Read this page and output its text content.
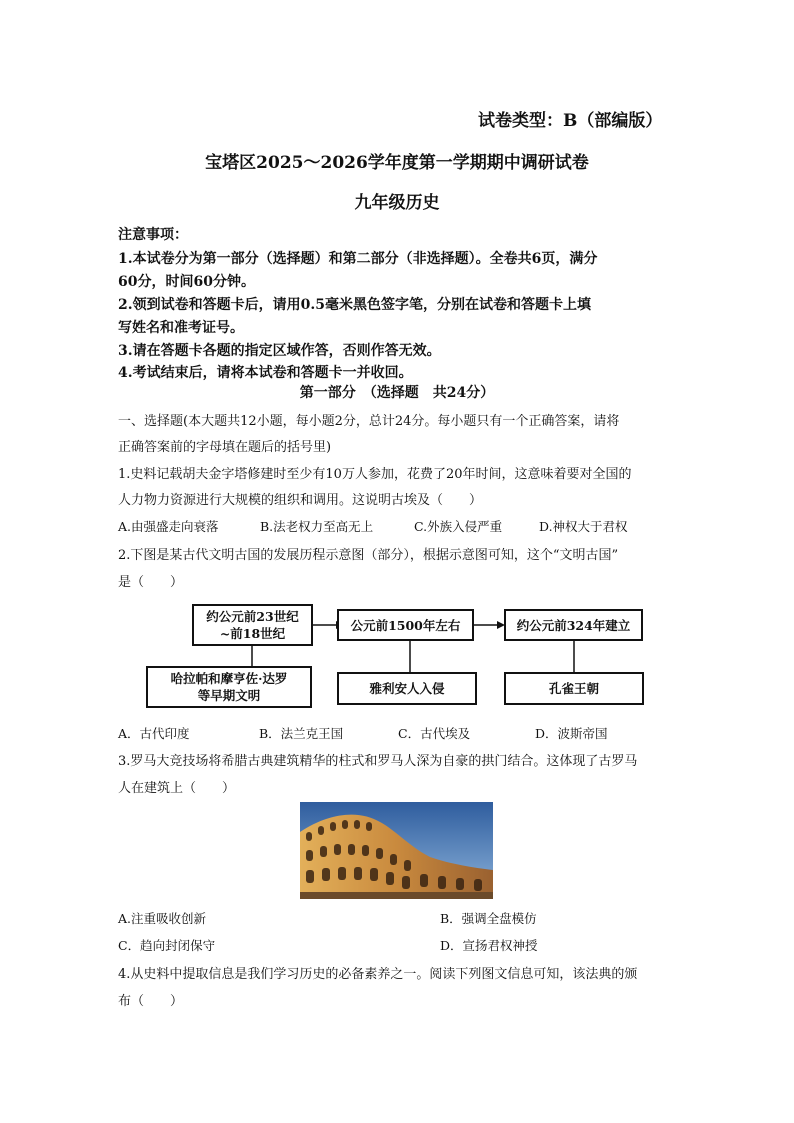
试卷类型：B（部编版）
宝塔区2025～2026学年度第一学期期中调研试卷
九年级历史
注意事项：
1.本试卷分为第一部分（选择题）和第二部分（非选择题）。全卷共6页，满分
60分，时间60分钟。
2.领到试卷和答题卡后，请用0.5毫米黑色签字笔，分别在试卷和答题卡上填
写姓名和准考证号。
3.请在答题卡各题的指定区域作答，否则作答无效。
4.考试结束后，请将本试卷和答题卡一并收回。
第一部分　（选择题　共24分）
一、选择题(本大题共12小题，每小题2分，总计24分。每小题只有一个正确答案，请将
正确答案前的字母填在题后的括号里)
1.史料记载胡夫金字塔修建时至少有10万人参加，花费了20年时间，这意味着要对全国的
人力物力资源进行大规模的组织和调用。这说明古埃及（　　）
A.由强盛走向衰落	B.法老权力至高无上	C.外族入侵严重	D.神权大于君权
2.下图是某古代文明古国的发展历程示意图（部分），根据示意图可知，这个“文明古国”
是（　　）
约公元前23世纪
~前18世纪
公元前1500年左右	约公元前324年建立
哈拉帕和摩亨佐·达罗
等早期文明	雅利安人入侵	孔雀王朝
A．古代印度	B．法兰克王国	C．古代埃及	D．波斯帝国
3.罗马大竞技场将希腊古典建筑精华的柱式和罗马人深为自豪的拱门结合。这体现了古罗马
人在建筑上（　　）
A.注重吸收创新	B．强调全盘模仿
C．趋向封闭保守	D．宣扬君权神授
4.从史料中提取信息是我们学习历史的必备素养之一。阅读下列图文信息可知，该法典的颁
布（　　）
